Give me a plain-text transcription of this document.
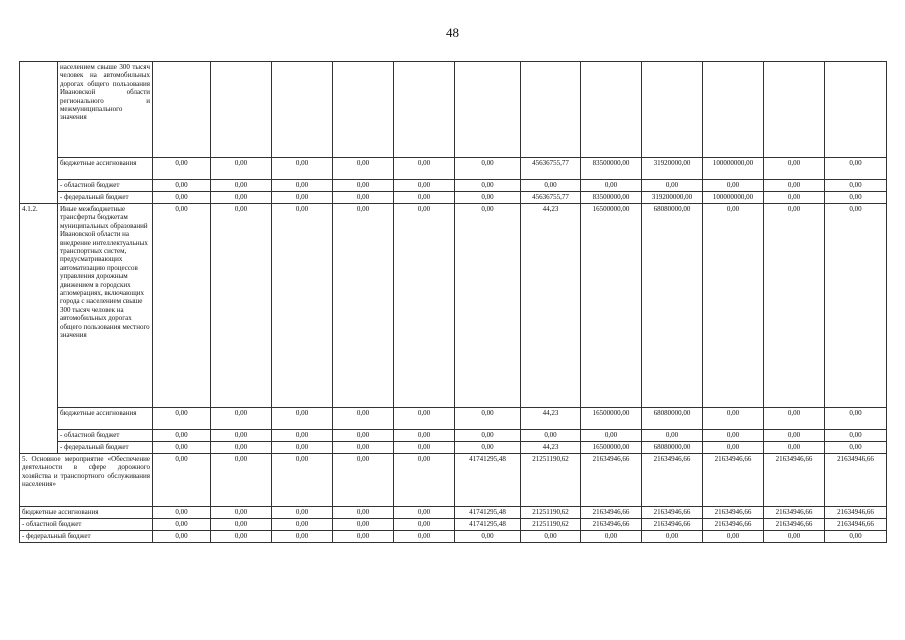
48
	населением свыше 300 тысяч человек на автомобильных дорогах общего пользования Ивановской области регионального и межмуниципального значения												
	бюджетные ассигнования	0,00	0,00	0,00	0,00	0,00	0,00	45636755,77	83500000,00	31920000,00	100000000,00	0,00	0,00
	- областной бюджет	0,00	0,00	0,00	0,00	0,00	0,00	0,00	0,00	0,00	0,00	0,00	0,00
	- федеральный бюджет	0,00	0,00	0,00	0,00	0,00	0,00	45636755,77	83500000,00	319200000,00	100000000,00	0,00	0,00
4.1.2.	Иные межбюджетные трансферты бюджетам муниципальных образований Ивановской области на внедрение интеллектуальных транспортных систем, предусматривающих автоматизацию процессов управления дорожным движением в городских агломерациях, включающих города с населением свыше 300 тысяч человек на автомобильных дорогах общего пользования местного значения	0,00	0,00	0,00	0,00	0,00	0,00	44,23	16500000,00	68080000,00	0,00	0,00	0,00
	бюджетные ассигнования	0,00	0,00	0,00	0,00	0,00	0,00	44,23	16500000,00	68080000,00	0,00	0,00	0,00
	- областной бюджет	0,00	0,00	0,00	0,00	0,00	0,00	0,00	0,00	0,00	0,00	0,00	0,00
	- федеральный бюджет	0,00	0,00	0,00	0,00	0,00	0,00	44,23	16500000,00	68080000,00	0,00	0,00	0,00
5. Основное мероприятие «Обеспечение деятельности в сфере дорожного хозяйства и транспортного обслуживания населения»		0,00	0,00	0,00	0,00	0,00	41741295,48	21251190,62	21634946,66	21634946,66	21634946,66	21634946,66	21634946,66
бюджетные ассигнования		0,00	0,00	0,00	0,00	0,00	41741295,48	21251190,62	21634946,66	21634946,66	21634946,66	21634946,66	21634946,66
- областной бюджет		0,00	0,00	0,00	0,00	0,00	41741295,48	21251190,62	21634946,66	21634946,66	21634946,66	21634946,66	21634946,66
- федеральный бюджет		0,00	0,00	0,00	0,00	0,00	0,00	0,00	0,00	0,00	0,00	0,00	0,00
